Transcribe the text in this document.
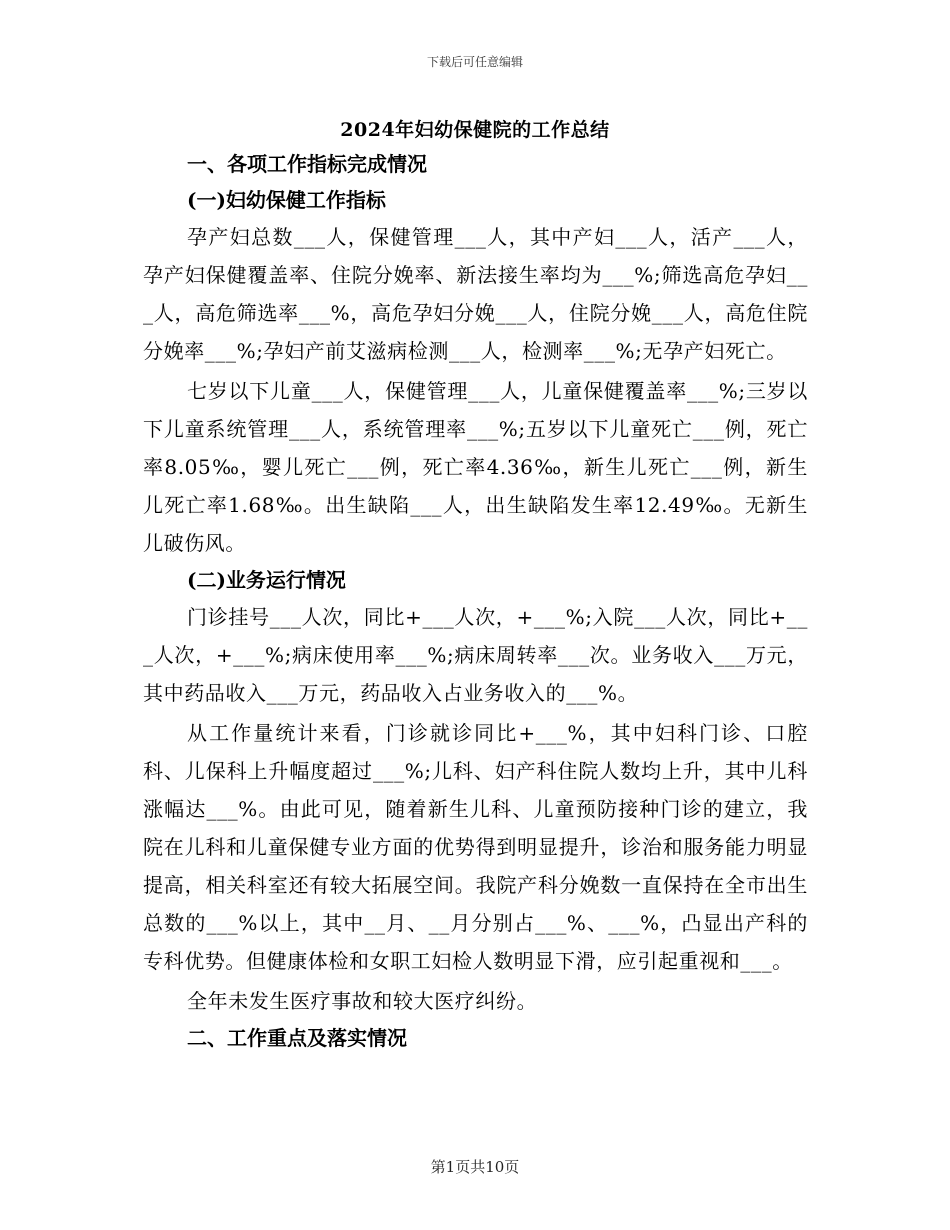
下载后可任意编辑
2024年妇幼保健院的工作总结

一、各项工作指标完成情况

(一)妇幼保健工作指标

孕产妇总数___人，保健管理___人，其中产妇___人，活产___人，孕产妇保健覆盖率、住院分娩率、新法接生率均为___%;筛选高危孕妇___人，高危筛选率___%，高危孕妇分娩___人，住院分娩___人，高危住院分娩率___%;孕妇产前艾滋病检测___人，检测率___%;无孕产妇死亡。

七岁以下儿童___人，保健管理___人，儿童保健覆盖率___%;三岁以下儿童系统管理___人，系统管理率___%;五岁以下儿童死亡___例，死亡率8.05‰，婴儿死亡___例，死亡率4.36‰，新生儿死亡___例，新生儿死亡率1.68‰。出生缺陷___人，出生缺陷发生率12.49‰。无新生儿破伤风。

(二)业务运行情况

门诊挂号___人次，同比+___人次，+___%;入院___人次，同比+___人次，+___%;病床使用率___%;病床周转率___次。业务收入___万元，其中药品收入___万元，药品收入占业务收入的___%。

从工作量统计来看，门诊就诊同比+___%，其中妇科门诊、口腔科、儿保科上升幅度超过___%;儿科、妇产科住院人数均上升，其中儿科涨幅达___%。由此可见，随着新生儿科、儿童预防接种门诊的建立，我院在儿科和儿童保健专业方面的优势得到明显提升，诊治和服务能力明显提高，相关科室还有较大拓展空间。我院产科分娩数一直保持在全市出生总数的___%以上，其中__月、__月分别占___%、___%，凸显出产科的专科优势。但健康体检和女职工妇检人数明显下滑，应引起重视和___。

全年未发生医疗事故和较大医疗纠纷。

二、工作重点及落实情况

第1页共10页
